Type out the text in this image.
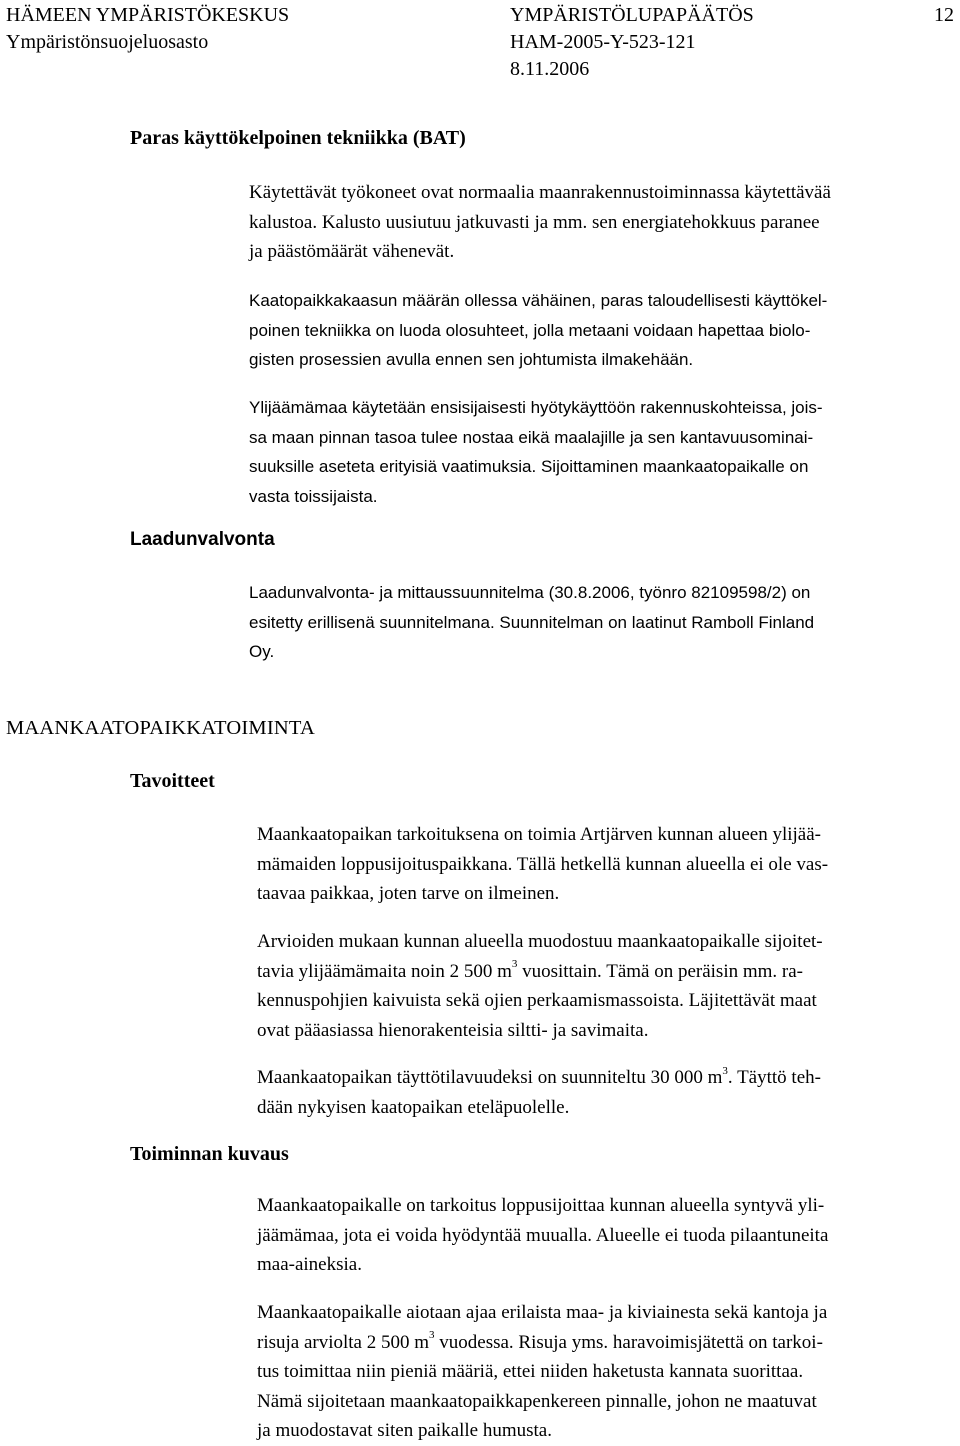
HÄMEEN YMPÄRISTÖKESKUS
Ympäristönsuojeluosasto
YMPÄRISTÖLUPAPÄÄTÖS
HAM-2005-Y-523-121
8.11.2006
12
Paras käyttökelpoinen tekniikka (BAT)
Käytettävät työkoneet ovat normaalia maanrakennustoiminnassa käytettävää
kalustoa. Kalusto uusiutuu jatkuvasti ja mm. sen energiatehokkuus paranee
ja päästömäärät vähenevät.
Kaatopaikkakaasun määrän ollessa vähäinen, paras taloudellisesti käyttökel-
poinen tekniikka on luoda olosuhteet, jolla metaani voidaan hapettaa biolo-
gisten prosessien avulla ennen sen johtumista ilmakehään.
Ylijäämämaa käytetään ensisijaisesti hyötykäyttöön rakennuskohteissa, jois-
sa maan pinnan tasoa tulee nostaa eikä maalajille ja sen kantavuusominai-
suuksille aseteta erityisiä vaatimuksia. Sijoittaminen maankaatopaikalle on
vasta toissijaista.
Laadunvalvonta
Laadunvalvonta- ja mittaussuunnitelma (30.8.2006, työnro 82109598/2) on
esitetty erillisenä suunnitelmana. Suunnitelman on laatinut Ramboll Finland
Oy.
MAANKAATOPAIKKATOIMINTA
Tavoitteet
Maankaatopaikan tarkoituksena on toimia Artjärven kunnan alueen ylijää-
mämaiden loppusijoituspaikkana. Tällä hetkellä kunnan alueella ei ole vas-
taavaa paikkaa, joten tarve on ilmeinen.
Arvioiden mukaan kunnan alueella muodostuu maankaatopaikalle sijoitet-
tavia ylijäämämaita noin 2 500 $m^3$ vuosittain. Tämä on peräisin mm. ra-
kennuspohjien kaivuista sekä ojien perkaamismassoista. Läjitettävät maat
ovat pääasiassa hienorakenteisia siltti- ja savimaita.
Maankaatopaikan täyttötilavuudeksi on suunniteltu 30 000 $m^3$. Täyttö teh-
dään nykyisen kaatopaikan eteläpuolelle.
Toiminnan kuvaus
Maankaatopaikalle on tarkoitus loppusijoittaa kunnan alueella syntyvä yli-
jäämämaa, jota ei voida hyödyntää muualla. Alueelle ei tuoda pilaantuneita
maa-aineksia.
Maankaatopaikalle aiotaan ajaa erilaista maa- ja kiviainesta sekä kantoja ja
risuja arviolta 2 500 $m^3$ vuodessa. Risuja yms. haravoimisjätettä on tarkoi-
tus toimittaa niin pieniä määriä, ettei niiden haketusta kannata suorittaa.
Nämä sijoitetaan maankaatopaikkapenkereen pinnalle, johon ne maatuvat
ja muodostavat siten paikalle humusta.
